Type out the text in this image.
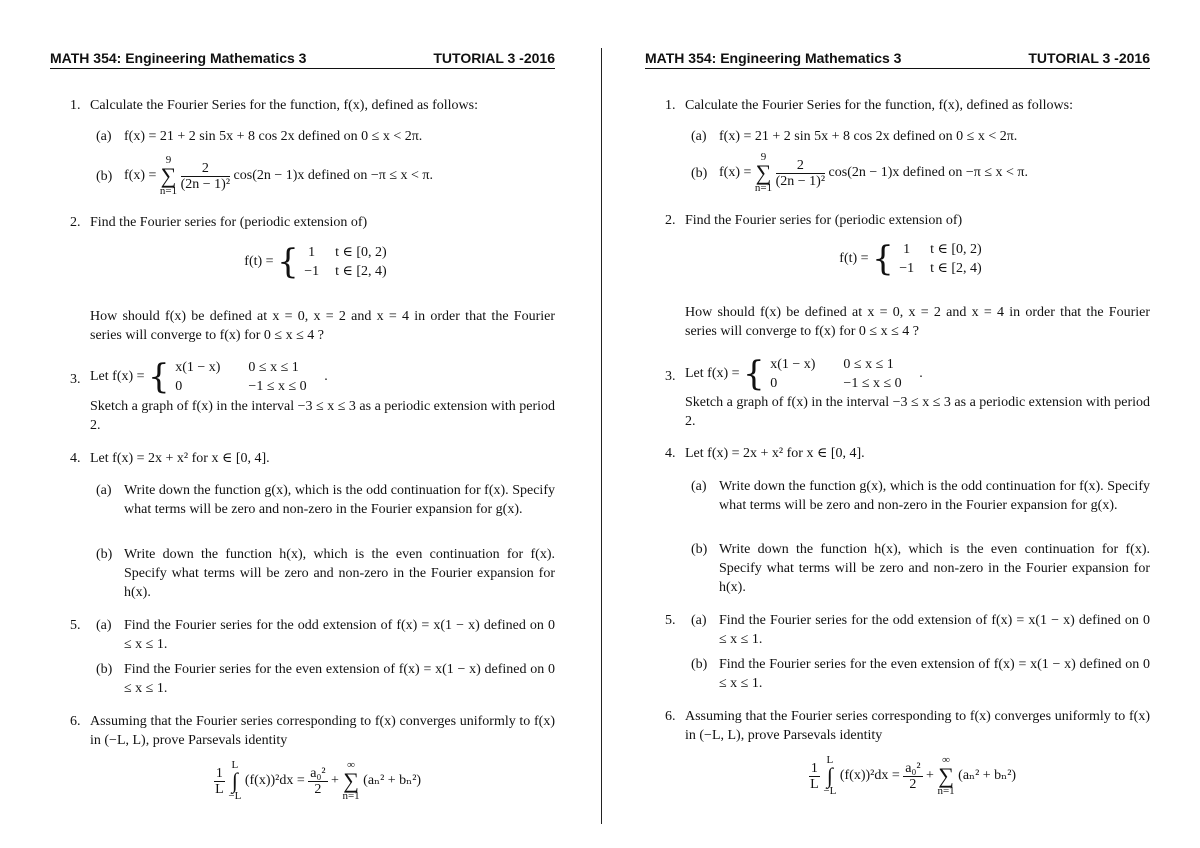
MATH 354: Engineering Mathematics 3	TUTORIAL 3 -2016
1. Calculate the Fourier Series for the function, f(x), defined as follows:
(a) f(x) = 21 + 2 sin 5x + 8 cos 2x defined on 0 ≤ x < 2π.
(b) f(x) = 9
∑
$n=1 \frac{2}{\text{(2n − 1)²}} \cos(2n - 1)x$ defined on −π ≤ x < π.
2. Find the Fourier series for (periodic extension of)
f(t) = { 1	t ∈ [0, 2)
−1	t ∈ [2, 4)
How should f(x) be defined at x = 0, x = 2 and x = 4 in order that the Fourier series will converge to f(x) for 0 ≤ x ≤ 4 ?
3. Let f(x) = { x(1 − x)	0 ≤ x ≤ 1
0	−1 ≤ x ≤ 0 .
Sketch a graph of f(x) in the interval −3 ≤ x ≤ 3 as a periodic extension with period 2.
4. Let f(x) = 2x + x² for x ∈ [0, 4].
(a) Write down the function g(x), which is the odd continuation for f(x). Specify what terms will be zero and non-zero in the Fourier expansion for g(x).
(b) Write down the function h(x), which is the even continuation for f(x). Specify what terms will be zero and non-zero in the Fourier expansion for h(x).
5. (a) Find the Fourier series for the odd extension of f(x) = x(1 − x) defined on 0 ≤ x ≤ 1.
(b) Find the Fourier series for the even extension of f(x) = x(1 − x) defined on 0 ≤ x ≤ 1.
6. Assuming that the Fourier series corresponding to f(x) converges uniformly to f(x) in (−L, L), prove Parsevals identity
$\frac{1}{L}$
L
∫
−L $(f(x))^2dx = \frac{\text{a₀²}}{2}$ + ∞
∑
n=1 (aₙ² + bₙ²)
MATH 354: Engineering Mathematics 3	TUTORIAL 3 -2016
1. Calculate the Fourier Series for the function, f(x), defined as follows:
(a) f(x) = 21 + 2 sin 5x + 8 cos 2x defined on 0 ≤ x < 2π.
(b) f(x) = 9
∑
$n=1 \frac{2}{\text{(2n − 1)²}} \cos(2n - 1)x$ defined on −π ≤ x < π.
2. Find the Fourier series for (periodic extension of)
f(t) = { 1	t ∈ [0, 2)
−1	t ∈ [2, 4)
How should f(x) be defined at x = 0, x = 2 and x = 4 in order that the Fourier series will converge to f(x) for 0 ≤ x ≤ 4 ?
3. Let f(x) = { x(1 − x)	0 ≤ x ≤ 1
0	−1 ≤ x ≤ 0 .
Sketch a graph of f(x) in the interval −3 ≤ x ≤ 3 as a periodic extension with period 2.
4. Let f(x) = 2x + x² for x ∈ [0, 4].
(a) Write down the function g(x), which is the odd continuation for f(x). Specify what terms will be zero and non-zero in the Fourier expansion for g(x).
(b) Write down the function h(x), which is the even continuation for f(x). Specify what terms will be zero and non-zero in the Fourier expansion for h(x).
5. (a) Find the Fourier series for the odd extension of f(x) = x(1 − x) defined on 0 ≤ x ≤ 1.
(b) Find the Fourier series for the even extension of f(x) = x(1 − x) defined on 0 ≤ x ≤ 1.
6. Assuming that the Fourier series corresponding to f(x) converges uniformly to f(x) in (−L, L), prove Parsevals identity
$\frac{1}{L}$
L
∫
−L $(f(x))^2dx = \frac{\text{a₀²}}{2}$ + ∞
∑
n=1 (aₙ² + bₙ²)
